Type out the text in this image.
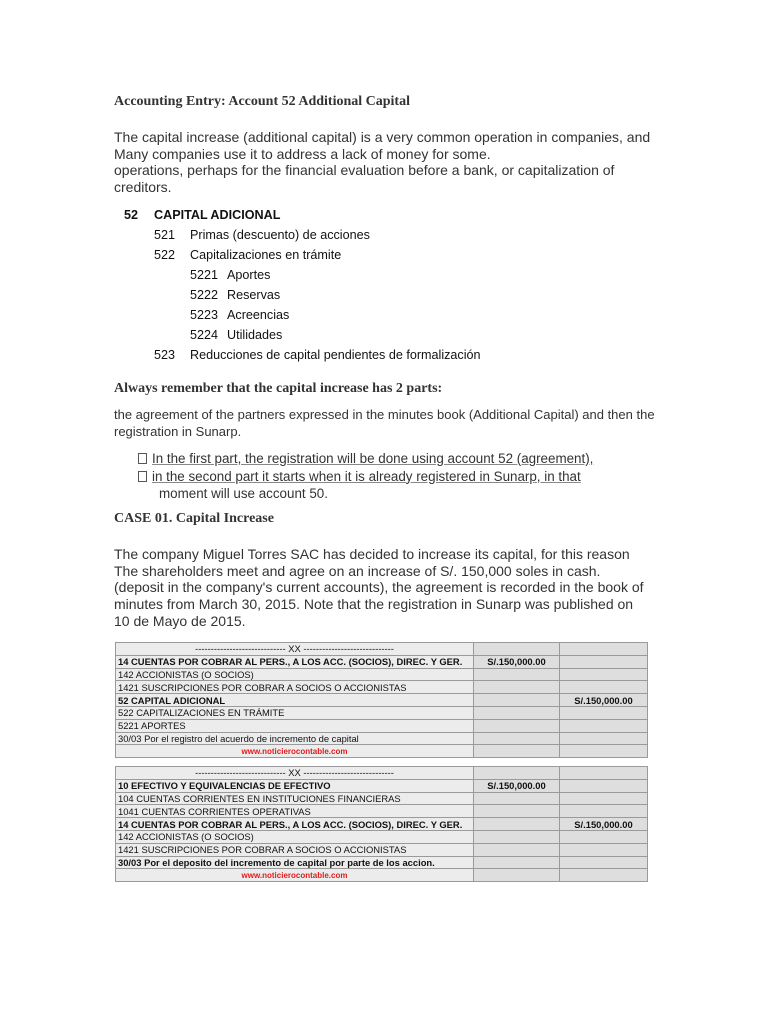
Accounting Entry: Account 52 Additional Capital
The capital increase (additional capital) is a very common operation in companies, and
Many companies use it to address a lack of money for some.
operations, perhaps for the financial evaluation before a bank, or capitalization of
creditors.
52 CAPITAL ADICIONAL
521 Primas (descuento) de acciones
522 Capitalizaciones en trámite
5221 Aportes
5222 Reservas
5223 Acreencias
5224 Utilidades
523 Reducciones de capital pendientes de formalización
Always remember that the capital increase has 2 parts:
the agreement of the partners expressed in the minutes book (Additional Capital) and then the
registration in Sunarp.
In the first part, the registration will be done using account 52 (agreement),
in the second part it starts when it is already registered in Sunarp, in that
moment will use account 50.
CASE 01. Capital Increase
The company Miguel Torres SAC has decided to increase its capital, for this reason
The shareholders meet and agree on an increase of S/. 150,000 soles in cash.
(deposit in the company's current accounts), the agreement is recorded in the book of
minutes from March 30, 2015. Note that the registration in Sunarp was published on
10 de Mayo de 2015.
----------------------------- XX -----------------------------		
14 CUENTAS POR COBRAR AL PERS., A LOS ACC. (SOCIOS), DIREC. Y GER.	S/.150,000.00	
142 ACCIONISTAS (O SOCIOS)		
1421 SUSCRIPCIONES POR COBRAR A SOCIOS O ACCIONISTAS		
52 CAPITAL ADICIONAL		S/.150,000.00
522 CAPITALIZACIONES EN TRÁMITE		
5221 APORTES		
30/03 Por el registro del acuerdo de incremento de capital		
www.noticierocontable.com		
----------------------------- XX -----------------------------		
10 EFECTIVO Y EQUIVALENCIAS DE EFECTIVO	S/.150,000.00	
104 CUENTAS CORRIENTES EN INSTITUCIONES FINANCIERAS		
1041 CUENTAS CORRIENTES OPERATIVAS		
14 CUENTAS POR COBRAR AL PERS., A LOS ACC. (SOCIOS), DIREC. Y GER.		S/.150,000.00
142 ACCIONISTAS (O SOCIOS)		
1421 SUSCRIPCIONES POR COBRAR A SOCIOS O ACCIONISTAS		
30/03 Por el deposito del incremento de capital por parte de los accion.		
www.noticierocontable.com		
